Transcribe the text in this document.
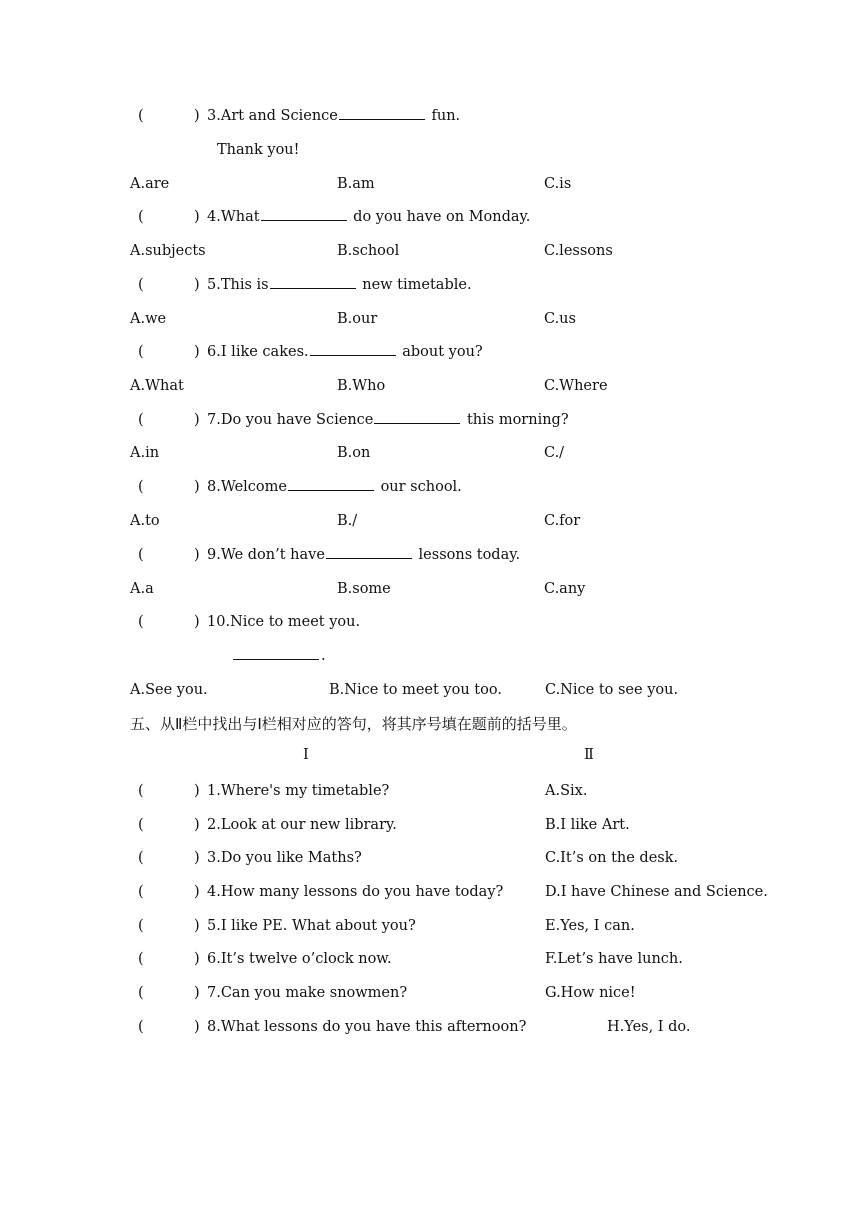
(	) 3.Art and Science	fun.
Thank you!
A.are	B.am	C.is
(	) 4.What	do you have on Monday.
A.subjects	B.school	C.lessons
(	) 5.This is	new timetable.
A.we	B.our	C.us
(	) 6.I like cakes.	about you?
A.What	B.Who	C.Where
(	) 7.Do you have Science	this morning?
A.in	B.on	C./
(	) 8.Welcome	our school.
A.to	B./	C.for
(	) 9.We don’t have	lessons today.
A.a	B.some	C.any
(	) 10.Nice to meet you.
.
A.See you.	B.Nice to meet you too.	C.Nice to see you.
五、从Ⅱ栏中找出与Ⅰ栏相对应的答句，将其序号填在题前的括号里。
Ⅰ	Ⅱ
(	) 1.Where's my timetable?	A.Six.
(	) 2.Look at our new library.	B.I like Art.
(	) 3.Do you like Maths?	C.It’s on the desk.
(	) 4.How many lessons do you have today?	D.I have Chinese and Science.
(	) 5.I like PE. What about you?	E.Yes, I can.
(	) 6.It’s twelve o’clock now.	F.Let’s have lunch.
(	) 7.Can you make snowmen?	G.How nice!
(	) 8.What lessons do you have this afternoon?	H.Yes, I do.
